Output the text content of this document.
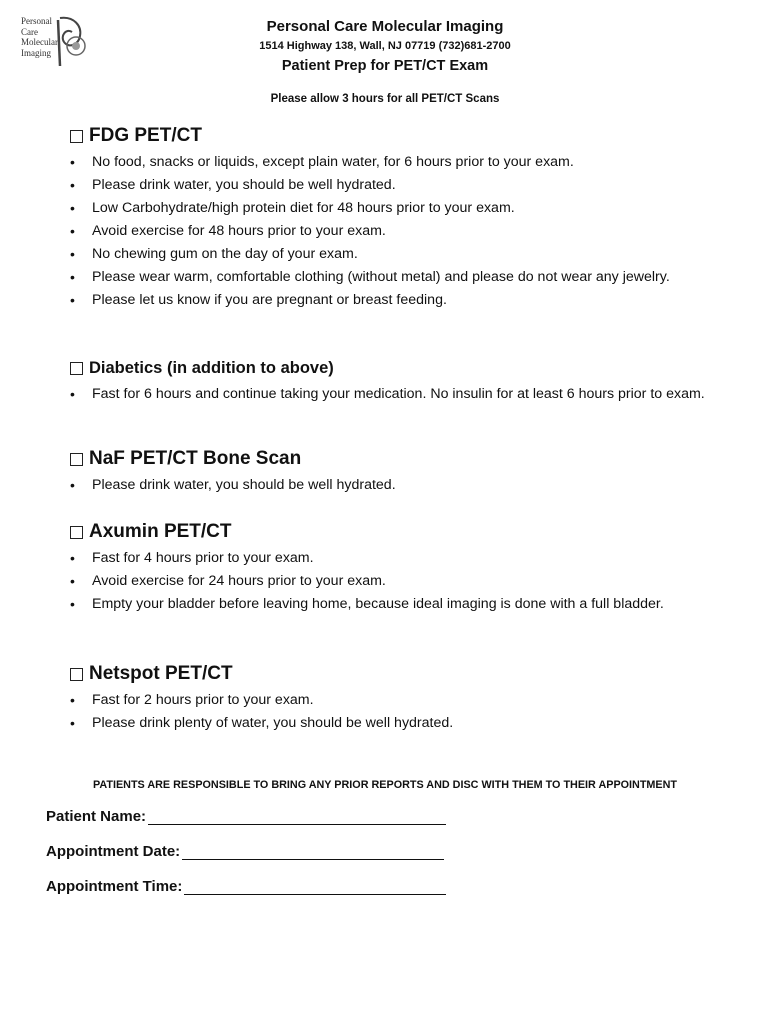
Personal
Care
Molecular
Imaging
Personal Care Molecular Imaging
1514 Highway 138, Wall, NJ 07719 (732)681-2700
Patient Prep for PET/CT Exam
Please allow 3 hours for all PET/CT Scans
FDG PET/CT
• No food, snacks or liquids, except plain water, for 6 hours prior to your exam.
• Please drink water, you should be well hydrated.
• Low Carbohydrate/high protein diet for 48 hours prior to your exam.
• Avoid exercise for 48 hours prior to your exam.
• No chewing gum on the day of your exam.
• Please wear warm, comfortable clothing (without metal) and please do not wear any jewelry.
• Please let us know if you are pregnant or breast feeding.
Diabetics (in addition to above)
• Fast for 6 hours and continue taking your medication. No insulin for at least 6 hours prior to exam.
NaF PET/CT Bone Scan
• Please drink water, you should be well hydrated.
Axumin PET/CT
• Fast for 4 hours prior to your exam.
• Avoid exercise for 24 hours prior to your exam.
• Empty your bladder before leaving home, because ideal imaging is done with a full bladder.
Netspot PET/CT
• Fast for 2 hours prior to your exam.
• Please drink plenty of water, you should be well hydrated.
PATIENTS ARE RESPONSIBLE TO BRING ANY PRIOR REPORTS AND DISC WITH THEM TO THEIR APPOINTMENT
Patient Name:
Appointment Date:
Appointment Time:
